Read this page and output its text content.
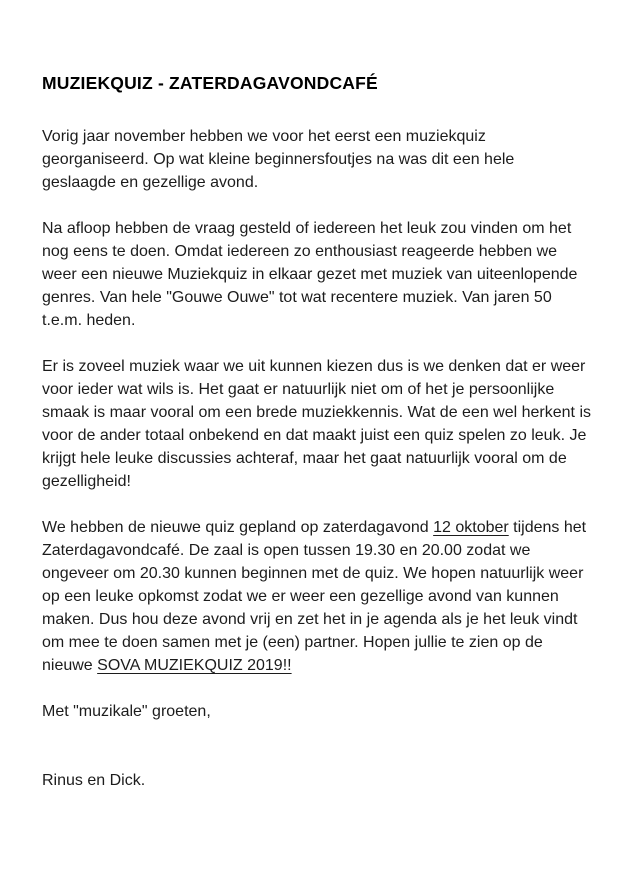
MUZIEKQUIZ - ZATERDAGAVONDCAFÉ

Vorig jaar november hebben we voor het eerst een muziekquiz georganiseerd. Op wat kleine beginnersfoutjes na was dit een hele geslaagde en gezellige avond.

Na afloop hebben de vraag gesteld of iedereen het leuk zou vinden om het nog eens te doen. Omdat iedereen zo enthousiast reageerde hebben we weer een nieuwe Muziekquiz in elkaar gezet met muziek van uiteenlopende genres. Van hele "Gouwe Ouwe" tot wat recentere muziek. Van jaren 50 t.e.m. heden.

Er is zoveel muziek waar we uit kunnen kiezen dus is we denken dat er weer voor ieder wat wils is. Het gaat er natuurlijk niet om of het je persoonlijke smaak is maar vooral om een brede muziekkennis. Wat de een wel herkent is voor de ander totaal onbekend en dat maakt juist een quiz spelen zo leuk. Je krijgt hele leuke discussies achteraf, maar het gaat natuurlijk vooral om de gezelligheid!

We hebben de nieuwe quiz gepland op zaterdagavond 12 oktober tijdens het Zaterdagavondcafé. De zaal is open tussen 19.30 en 20.00 zodat we ongeveer om 20.30 kunnen beginnen met de quiz. We hopen natuurlijk weer op een leuke opkomst zodat we er weer een gezellige avond van kunnen maken. Dus hou deze avond vrij en zet het in je agenda als je het leuk vindt om mee te doen samen met je (een) partner. Hopen jullie te zien op de nieuwe SOVA MUZIEKQUIZ 2019!!

Met "muzikale" groeten,

Rinus en Dick.
